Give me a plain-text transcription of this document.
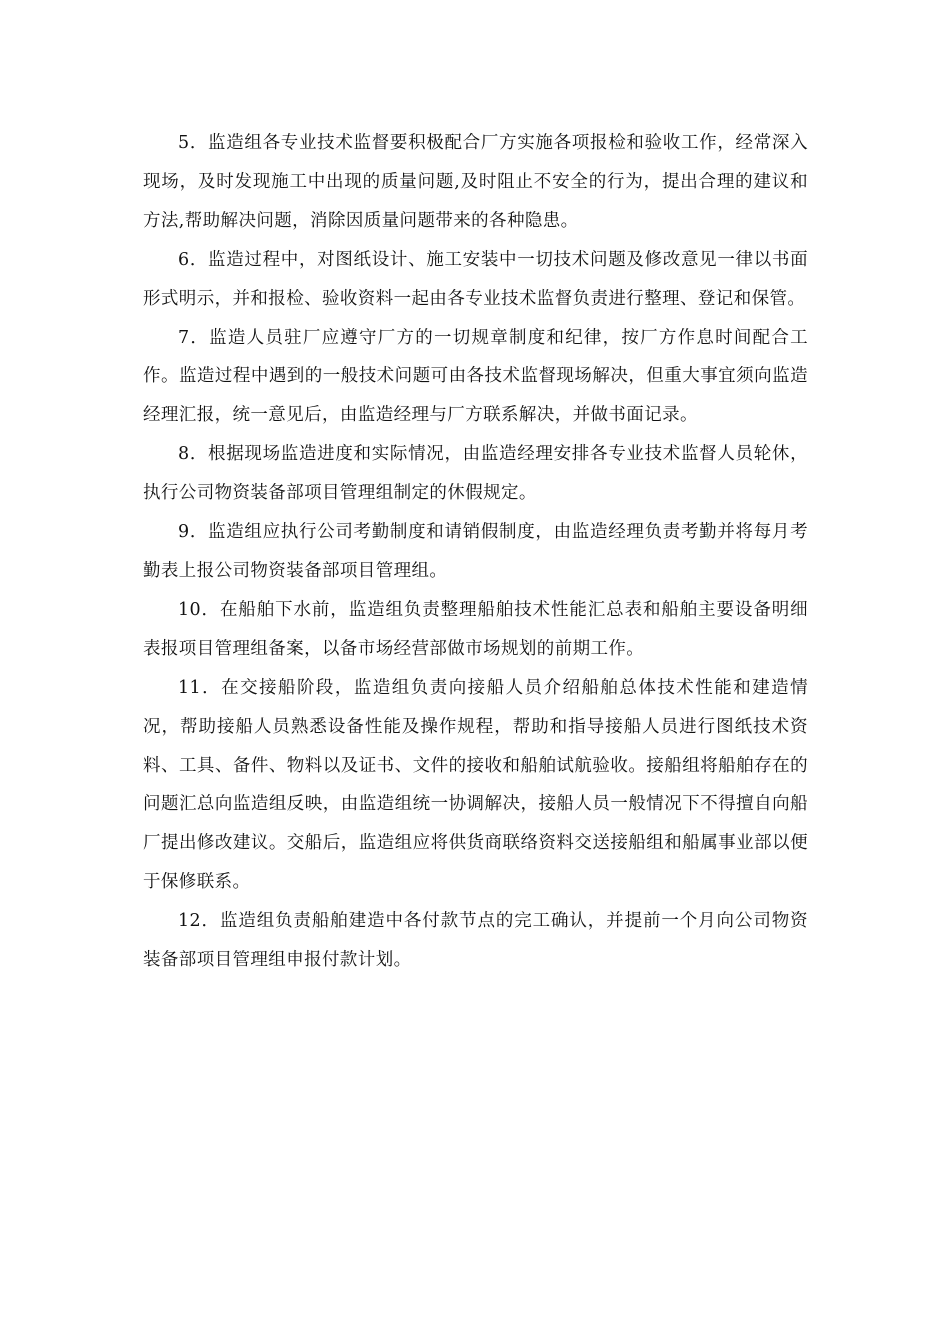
5．监造组各专业技术监督要积极配合厂方实施各项报检和验收工作，经常深入现场，及时发现施工中出现的质量问题,及时阻止不安全的行为，提出合理的建议和方法,帮助解决问题，消除因质量问题带来的各种隐患。

6．监造过程中，对图纸设计、施工安装中一切技术问题及修改意见一律以书面形式明示，并和报检、验收资料一起由各专业技术监督负责进行整理、登记和保管。

7．监造人员驻厂应遵守厂方的一切规章制度和纪律，按厂方作息时间配合工作。监造过程中遇到的一般技术问题可由各技术监督现场解决，但重大事宜须向监造经理汇报，统一意见后，由监造经理与厂方联系解决，并做书面记录。

8．根据现场监造进度和实际情况，由监造经理安排各专业技术监督人员轮休，执行公司物资装备部项目管理组制定的休假规定。

9．监造组应执行公司考勤制度和请销假制度，由监造经理负责考勤并将每月考勤表上报公司物资装备部项目管理组。

10．在船舶下水前，监造组负责整理船舶技术性能汇总表和船舶主要设备明细表报项目管理组备案，以备市场经营部做市场规划的前期工作。

11．在交接船阶段，监造组负责向接船人员介绍船舶总体技术性能和建造情况，帮助接船人员熟悉设备性能及操作规程，帮助和指导接船人员进行图纸技术资料、工具、备件、物料以及证书、文件的接收和船舶试航验收。接船组将船舶存在的问题汇总向监造组反映，由监造组统一协调解决，接船人员一般情况下不得擅自向船厂提出修改建议。交船后，监造组应将供货商联络资料交送接船组和船属事业部以便于保修联系。

12．监造组负责船舶建造中各付款节点的完工确认，并提前一个月向公司物资装备部项目管理组申报付款计划。
